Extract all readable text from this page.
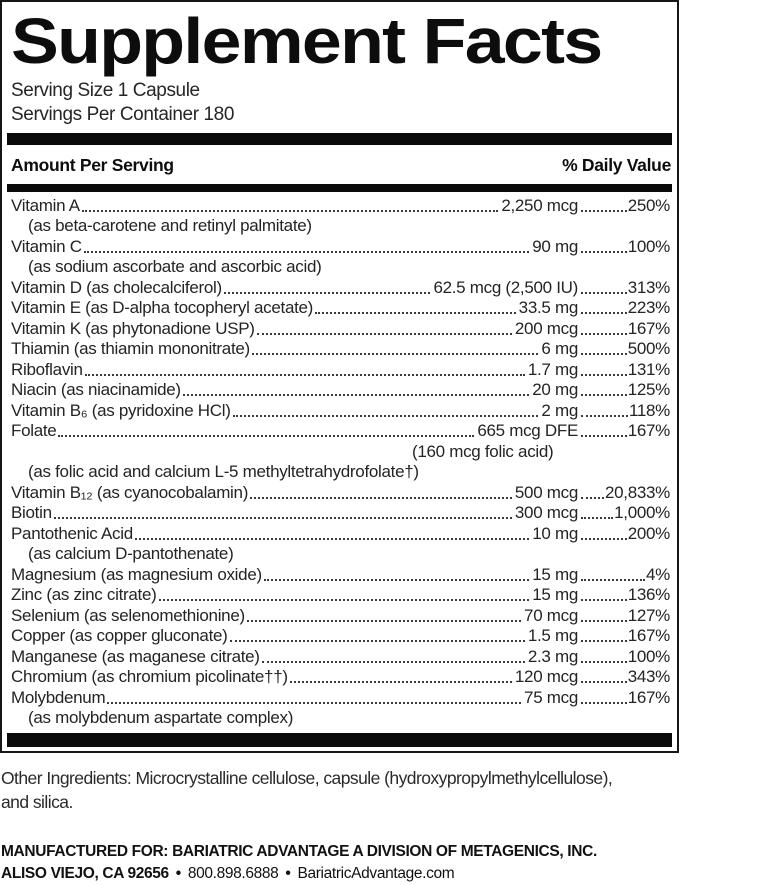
Supplement Facts
Serving Size 1 Capsule
Servings Per Container 180
Amount Per Serving	% Daily Value
Vitamin A	2,250 mcg	250%
(as beta-carotene and retinyl palmitate)
Vitamin C	90 mg	100%
(as sodium ascorbate and ascorbic acid)
Vitamin D (as cholecalciferol)	62.5 mcg (2,500 IU)	313%
Vitamin E (as D-alpha tocopheryl acetate)	33.5 mg	223%
Vitamin K (as phytonadione USP)	200 mcg	167%
Thiamin (as thiamin mononitrate)	6 mg	500%
Riboflavin	1.7 mg	131%
Niacin (as niacinamide)	20 mg	125%
Vitamin B₆ (as pyridoxine HCl)	2 mg	118%
Folate	665 mcg DFE	167%
(160 mcg folic acid)
(as folic acid and calcium L-5 methyltetrahydrofolate†)
Vitamin B₁₂ (as cyanocobalamin)	500 mcg 20,833%
Biotin	300 mcg 1,000%
Pantothenic Acid	10 mg	200%
(as calcium D-pantothenate)
Magnesium (as magnesium oxide)	15 mg	4%
Zinc (as zinc citrate)	15 mg	136%
Selenium (as selenomethionine)	70 mcg	127%
Copper (as copper gluconate)	1.5 mg	167%
Manganese (as maganese citrate)	2.3 mg	100%
Chromium (as chromium picolinate††)	120 mcg	343%
Molybdenum	75 mcg	167%
(as molybdenum aspartate complex)
Other Ingredients: Microcrystalline cellulose, capsule (hydroxypropylmethylcellulose),
and silica.
MANUFACTURED FOR: BARIATRIC ADVANTAGE A DIVISION OF METAGENICS, INC.
ALISO VIEJO, CA 92656 • 800.898.6888 • BariatricAdvantage.com
